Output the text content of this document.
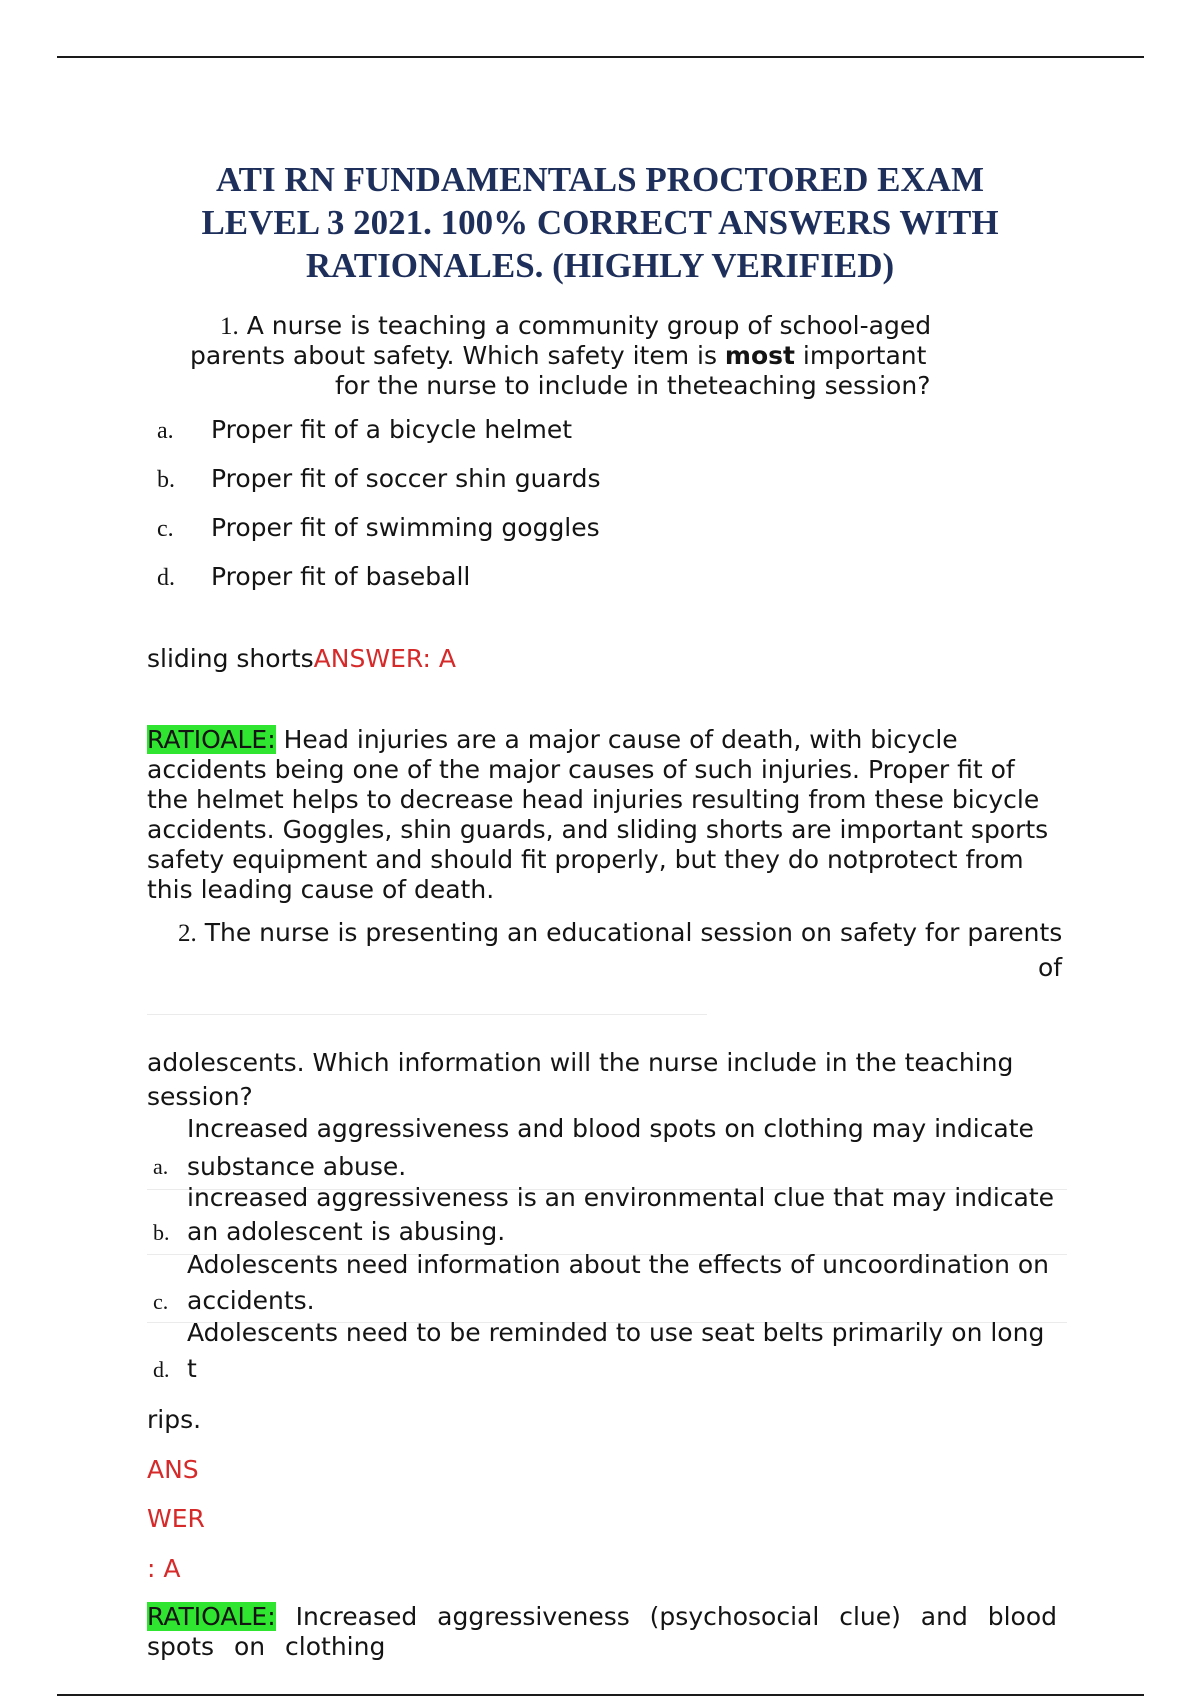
ATI RN FUNDAMENTALS PROCTORED EXAM
LEVEL 3 2021. 100% CORRECT ANSWERS WITH
RATIONALES. (HIGHLY VERIFIED)
1. A nurse is teaching a community group of school-aged
parents about safety. Which safety item is most important
for the nurse to include in theteaching session?
a. Proper fit of a bicycle helmet
b. Proper fit of soccer shin guards
c. Proper fit of swimming goggles
d. Proper fit of baseball
sliding shortsANSWER: A
RATIOALE: Head injuries are a major cause of death, with bicycle
accidents being one of the major causes of such injuries. Proper fit of
the helmet helps to decrease head injuries resulting from these bicycle
accidents. Goggles, shin guards, and sliding shorts are important sports
safety equipment and should fit properly, but they do notprotect from
this leading cause of death.
2. The nurse is presenting an educational session on safety for parents
of
adolescents. Which information will the nurse include in the teaching
session?
Increased aggressiveness and blood spots on clothing may indicate
a. substance abuse.
increased aggressiveness is an environmental clue that may indicate
b. an adolescent is abusing.
Adolescents need information about the effects of uncoordination on
c. accidents.
Adolescents need to be reminded to use seat belts primarily on long
d. t
rips.
ANS
WER
: A
RATIOALE: Increased aggressiveness (psychosocial clue) and blood
spots on clothing
